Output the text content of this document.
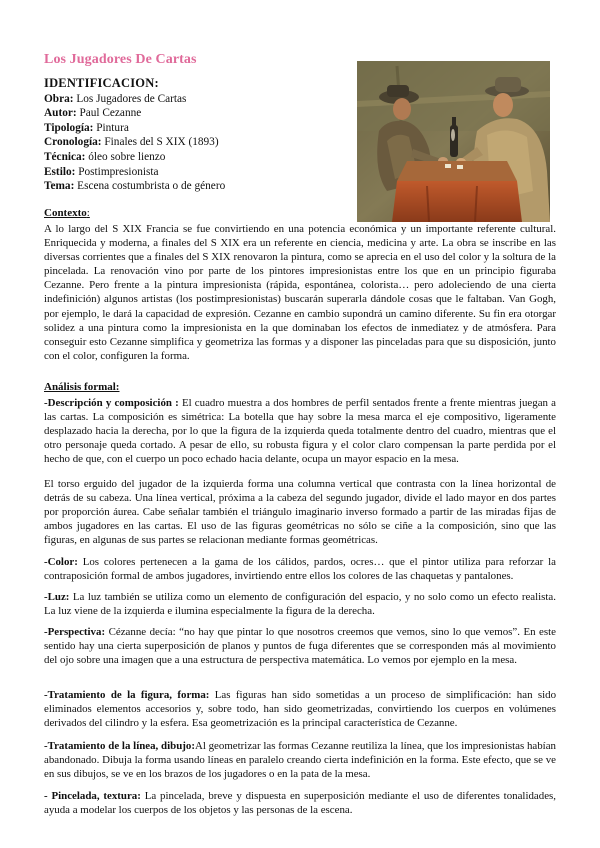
Los Jugadores De Cartas
IDENTIFICACION:
Obra: Los Jugadores de Cartas
Autor: Paul Cezanne
Tipología: Pintura
Cronología: Finales del S XIX (1893)
Técnica: óleo sobre lienzo
Estilo: Postimpresionista
Tema: Escena costumbrista o de género
Contexto:

A lo largo del S XIX Francia se fue convirtiendo en una potencia económica y un importante referente cultural. Enriquecida y moderna, a finales del S XIX era un referente en ciencia, medicina y arte. La obra se inscribe en las diversas corrientes que a finales del S XIX renovaron la pintura, como se aprecia en el uso del color y la soltura de la pincelada. La renovación vino por parte de los pintores impresionistas entre los que en un principio figuraba Cezanne. Pero frente a la pintura impresionista (rápida, espontánea, colorista… pero adoleciendo de una cierta indefinición) algunos artistas (los postimpresionistas) buscarán superarla dándole cosas que le faltaban. Van Gogh, por ejemplo, le dará la capacidad de expresión. Cezanne en cambio supondrá un camino diferente. Su fin era otorgar solidez a una pintura como la impresionista en la que dominaban los efectos de inmediatez y de atmósfera. Para conseguir esto Cezanne simplifica y geometriza las formas y a disponer las pinceladas para que su disposición, junto con el color, configuren la forma.

Análisis formal:

-Descripción y composición : El cuadro muestra a dos hombres de perfil sentados frente a frente mientras juegan a las cartas. La composición es simétrica: La botella que hay sobre la mesa marca el eje compositivo, ligeramente desplazado hacia la derecha, por lo que la figura de la izquierda queda totalmente dentro del cuadro, mientras que el otro personaje queda cortado. A pesar de ello, su robusta figura y el color claro compensan la parte perdida por el hecho de que, con el cuerpo un poco echado hacia delante, ocupa un mayor espacio en la mesa.

El torso erguido del jugador de la izquierda forma una columna vertical que contrasta con la línea horizontal de detrás de su cabeza. Una línea vertical, próxima a la cabeza del segundo jugador, divide el lado mayor en dos partes por proporción áurea. Cabe señalar también el triángulo imaginario inverso formado a partir de las miradas fijas de ambos jugadores en las cartas. El uso de las figuras geométricas no sólo se ciñe a la composición, sino que las figuras, en algunas de sus partes se relacionan mediante formas geométricas.

-Color: Los colores pertenecen a la gama de los cálidos, pardos, ocres… que el pintor utiliza para reforzar la contraposición formal de ambos jugadores, invirtiendo entre ellos los colores de las chaquetas y pantalones.

-Luz: La luz también se utiliza como un elemento de configuración del espacio, y no solo como un efecto realista. La luz viene de la izquierda e ilumina especialmente la figura de la derecha.

-Perspectiva: Cézanne decía: “no hay que pintar lo que nosotros creemos que vemos, sino lo que vemos”. En este sentido hay una cierta superposición de planos y puntos de fuga diferentes que se corresponden más al movimiento del ojo sobre una imagen que a una estructura de perspectiva matemática. Lo vemos por ejemplo en la mesa.

-Tratamiento de la figura, forma: Las figuras han sido sometidas a un proceso de simplificación: han sido eliminados elementos accesorios y, sobre todo, han sido geometrizadas, convirtiendo los cuerpos en volúmenes derivados del cilindro y la esfera. Esa geometrización es la principal característica de Cezanne.

-Tratamiento de la línea, dibujo:Al geometrizar las formas Cezanne reutiliza la línea, que los impresionistas habían abandonado. Dibuja la forma usando líneas en paralelo creando cierta indefinición en la forma. Este efecto, que se ve en sus dibujos, se ve en los brazos de los jugadores o en la pata de la mesa.

- Pincelada, textura: La pincelada, breve y dispuesta en superposición mediante el uso de diferentes tonalidades, ayuda a modelar los cuerpos de los objetos y las personas de la escena.
